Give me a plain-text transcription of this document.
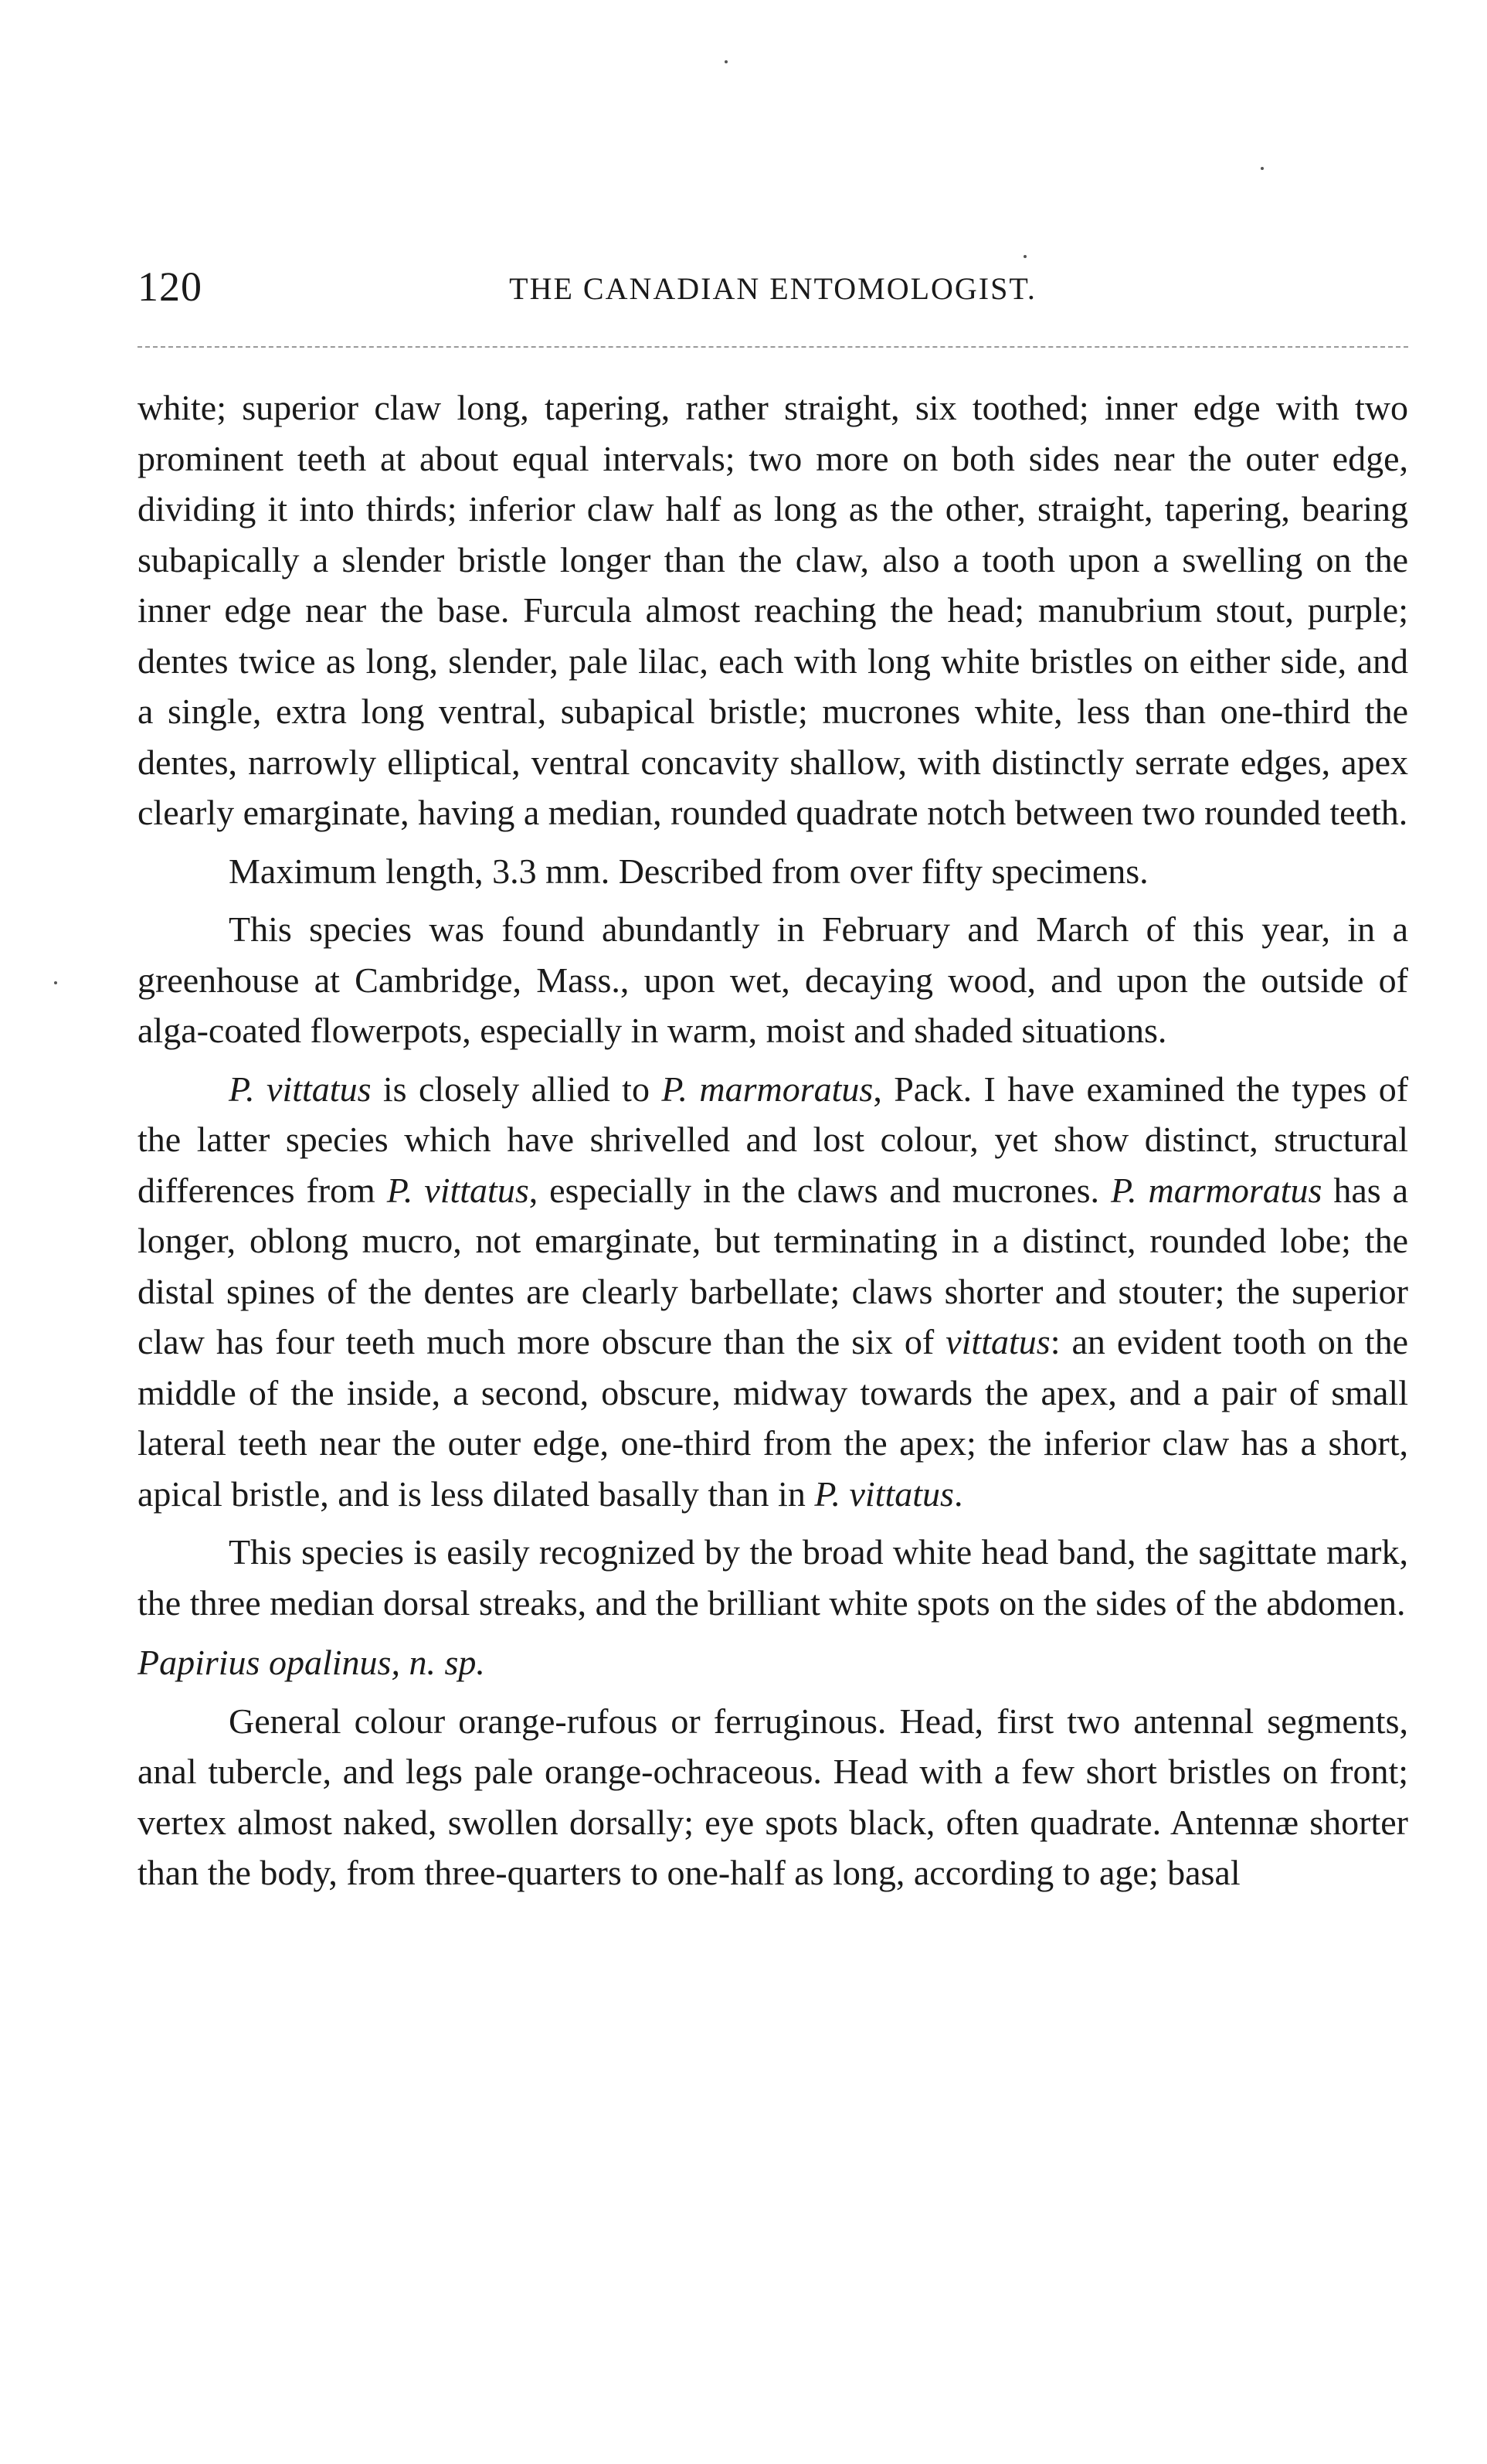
120	THE CANADIAN ENTOMOLOGIST.

white; superior claw long, tapering, rather straight, six toothed; inner edge with two prominent teeth at about equal intervals; two more on both sides near the outer edge, dividing it into thirds; inferior claw half as long as the other, straight, tapering, bearing subapically a slender bristle longer than the claw, also a tooth upon a swelling on the inner edge near the base. Furcula almost reaching the head; manubrium stout, purple; dentes twice as long, slender, pale lilac, each with long white bristles on either side, and a single, extra long ventral, subapical bristle; mucrones white, less than one-third the dentes, narrowly elliptical, ventral concavity shallow, with distinctly serrate edges, apex clearly emarginate, having a median, rounded quadrate notch between two rounded teeth.

Maximum length, 3.3 mm. Described from over fifty specimens.

This species was found abundantly in February and March of this year, in a greenhouse at Cambridge, Mass., upon wet, decaying wood, and upon the outside of alga-coated flowerpots, especially in warm, moist and shaded situations.

P. vittatus is closely allied to P. marmoratus, Pack. I have examined the types of the latter species which have shrivelled and lost colour, yet show distinct, structural differences from P. vittatus, especially in the claws and mucrones. P. marmoratus has a longer, oblong mucro, not emarginate, but terminating in a distinct, rounded lobe; the distal spines of the dentes are clearly barbellate; claws shorter and stouter; the superior claw has four teeth much more obscure than the six of vittatus: an evident tooth on the middle of the inside, a second, obscure, midway towards the apex, and a pair of small lateral teeth near the outer edge, one-third from the apex; the inferior claw has a short, apical bristle, and is less dilated basally than in P. vittatus.

This species is easily recognized by the broad white head band, the sagittate mark, the three median dorsal streaks, and the brilliant white spots on the sides of the abdomen.

Papirius opalinus, n. sp.

General colour orange-rufous or ferruginous. Head, first two antennal segments, anal tubercle, and legs pale orange-ochraceous. Head with a few short bristles on front; vertex almost naked, swollen dorsally; eye spots black, often quadrate. Antennæ shorter than the body, from three-quarters to one-half as long, according to age; basal
